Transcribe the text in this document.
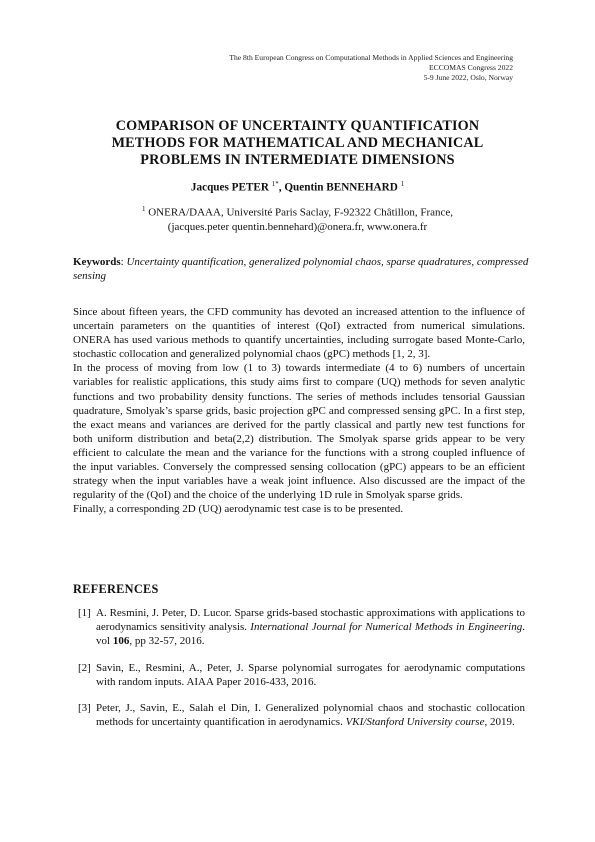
The 8th European Congress on Computational Methods in Applied Sciences and Engineering
ECCOMAS Congress 2022
5-9 June 2022, Oslo, Norway
COMPARISON OF UNCERTAINTY QUANTIFICATION
METHODS FOR MATHEMATICAL AND MECHANICAL
PROBLEMS IN INTERMEDIATE DIMENSIONS
Jacques PETER $^{1*}$, Quentin BENNEHARD $^1$
$^1$ ONERA/DAAA, Université Paris Saclay, F-92322 Châtillon, France,
(jacques.peter quentin.bennehard)@onera.fr, www.onera.fr
Keywords: Uncertainty quantification, generalized polynomial chaos, sparse quadratures, compressed sensing

Since about fifteen years, the CFD community has devoted an increased attention to the influence of uncertain parameters on the quantities of interest (QoI) extracted from numerical simulations. ONERA has used various methods to quantify uncertainties, including surrogate based Monte-Carlo, stochastic collocation and generalized polynomial chaos (gPC) methods [1, 2, 3].

In the process of moving from low (1 to 3) towards intermediate (4 to 6) numbers of uncertain variables for realistic applications, this study aims first to compare (UQ) methods for seven analytic functions and two probability density functions. The series of methods includes tensorial Gaussian quadrature, Smolyak’s sparse grids, basic projection gPC and compressed sensing gPC. In a first step, the exact means and variances are derived for the partly classical and partly new test functions for both uniform distribution and beta(2,2) distribution. The Smolyak sparse grids appear to be very efficient to calculate the mean and the variance for the functions with a strong coupled influence of the input variables. Conversely the compressed sensing collocation (gPC) appears to be an efficient strategy when the input variables have a weak joint influence. Also discussed are the impact of the regularity of the (QoI) and the choice of the underlying 1D rule in Smolyak sparse grids.

Finally, a corresponding 2D (UQ) aerodynamic test case is to be presented.

REFERENCES
[1] A. Resmini, J. Peter, D. Lucor. Sparse grids-based stochastic approximations with applications to aerodynamics sensitivity analysis. International Journal for Numerical Methods in Engineering. vol 106, pp 32-57, 2016.
[2] Savin, E., Resmini, A., Peter, J. Sparse polynomial surrogates for aerodynamic computations with random inputs. AIAA Paper 2016-433, 2016.
[3] Peter, J., Savin, E., Salah el Din, I. Generalized polynomial chaos and stochastic collocation methods for uncertainty quantification in aerodynamics. VKI/Stanford University course, 2019.
